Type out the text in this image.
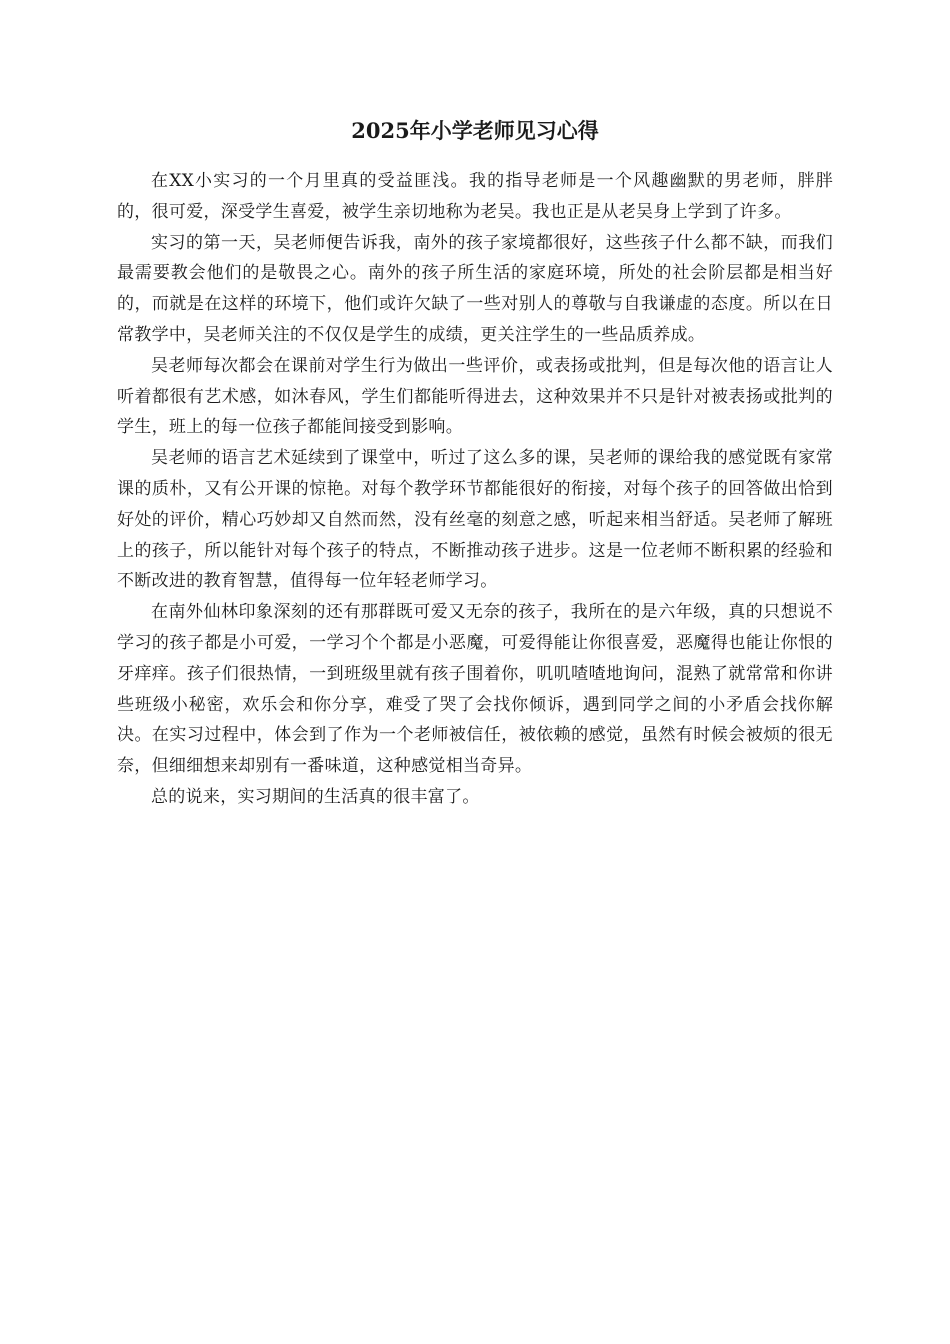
2025年小学老师见习心得

在XX小实习的一个月里真的受益匪浅。我的指导老师是一个风趣幽默的男老师，胖胖的，很可爱，深受学生喜爱，被学生亲切地称为老吴。我也正是从老吴身上学到了许多。

实习的第一天，吴老师便告诉我，南外的孩子家境都很好，这些孩子什么都不缺，而我们最需要教会他们的是敬畏之心。南外的孩子所生活的家庭环境，所处的社会阶层都是相当好的，而就是在这样的环境下，他们或许欠缺了一些对别人的尊敬与自我谦虚的态度。所以在日常教学中，吴老师关注的不仅仅是学生的成绩，更关注学生的一些品质养成。

吴老师每次都会在课前对学生行为做出一些评价，或表扬或批判，但是每次他的语言让人听着都很有艺术感，如沐春风，学生们都能听得进去，这种效果并不只是针对被表扬或批判的学生，班上的每一位孩子都能间接受到影响。

吴老师的语言艺术延续到了课堂中，听过了这么多的课，吴老师的课给我的感觉既有家常课的质朴，又有公开课的惊艳。对每个教学环节都能很好的衔接，对每个孩子的回答做出恰到好处的评价，精心巧妙却又自然而然，没有丝毫的刻意之感，听起来相当舒适。吴老师了解班上的孩子，所以能针对每个孩子的特点，不断推动孩子进步。这是一位老师不断积累的经验和不断改进的教育智慧，值得每一位年轻老师学习。

在南外仙林印象深刻的还有那群既可爱又无奈的孩子，我所在的是六年级，真的只想说不学习的孩子都是小可爱，一学习个个都是小恶魔，可爱得能让你很喜爱，恶魔得也能让你恨的牙痒痒。孩子们很热情，一到班级里就有孩子围着你，叽叽喳喳地询问，混熟了就常常和你讲些班级小秘密，欢乐会和你分享，难受了哭了会找你倾诉，遇到同学之间的小矛盾会找你解决。在实习过程中，体会到了作为一个老师被信任，被依赖的感觉，虽然有时候会被烦的很无奈，但细细想来却别有一番味道，这种感觉相当奇异。

总的说来，实习期间的生活真的很丰富了。
